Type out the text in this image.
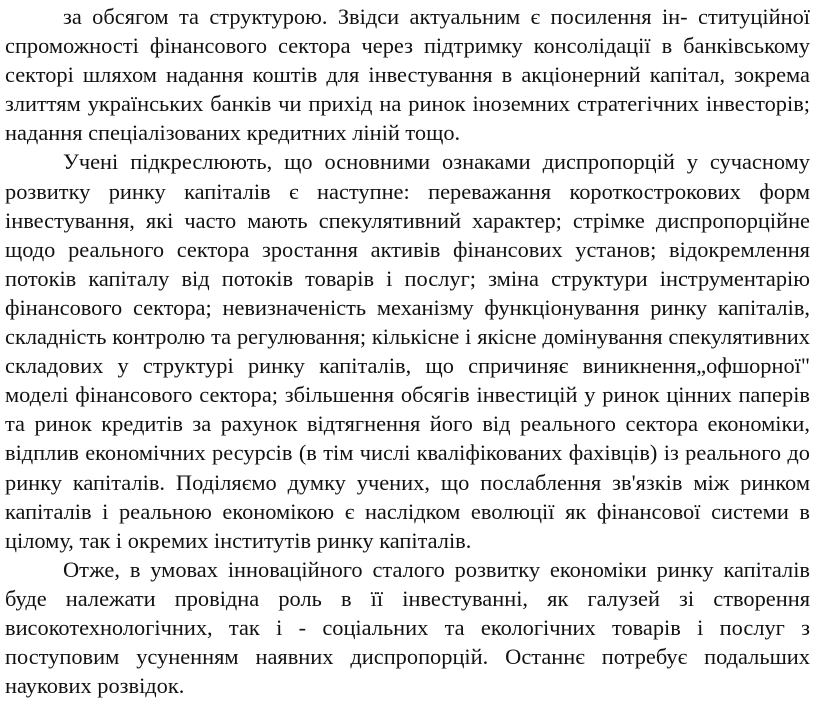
за обсягом та структурою. Звідси актуальним є посилення ін- ституційної спроможності фінансового сектора через підтримку консолідації в банківському секторі шляхом надання коштів для інвестування в акціонерний капітал, зокрема злиттям українських банків чи прихід на ринок іноземних стратегічних інвесторів; надання спеціалізованих кредитних ліній тощо.

Учені підкреслюють, що основними ознаками диспропорцій у сучасному розвитку ринку капіталів є наступне: переважання короткострокових форм інвестування, які часто мають спекулятивний характер; стрімке диспропорційне щодо реального сектора зростання активів фінансових установ; відокремлення потоків капіталу від потоків товарів і послуг; зміна структури інструментарію фінансового сектора; невизначеність механізму функціонування ринку капіталів, складність контролю та регулювання; кількісне і якісне домінування спекулятивних складових у структурі ринку капіталів, що спричиняє виникнення„офшорної" моделі фінансового сектора; збільшення обсягів інвестицій у ринок цінних паперів та ринок кредитів за рахунок відтягнення його від реального сектора економіки, відплив економічних ресурсів (в тім числі кваліфікованих фахівців) із реального до ринку капіталів. Поділяємо думку учених, що послаблення зв'язків між ринком капіталів і реальною економікою є наслідком еволюції як фінансової системи в цілому, так і окремих інститутів ринку капіталів.

Отже, в умовах інноваційного сталого розвитку економіки ринку капіталів буде належати провідна роль в її інвестуванні, як галузей зі створення високотехнологічних, так і - соціальних та екологічних товарів і послуг з поступовим усуненням наявних диспропорцій. Останнє потребує подальших наукових розвідок.
